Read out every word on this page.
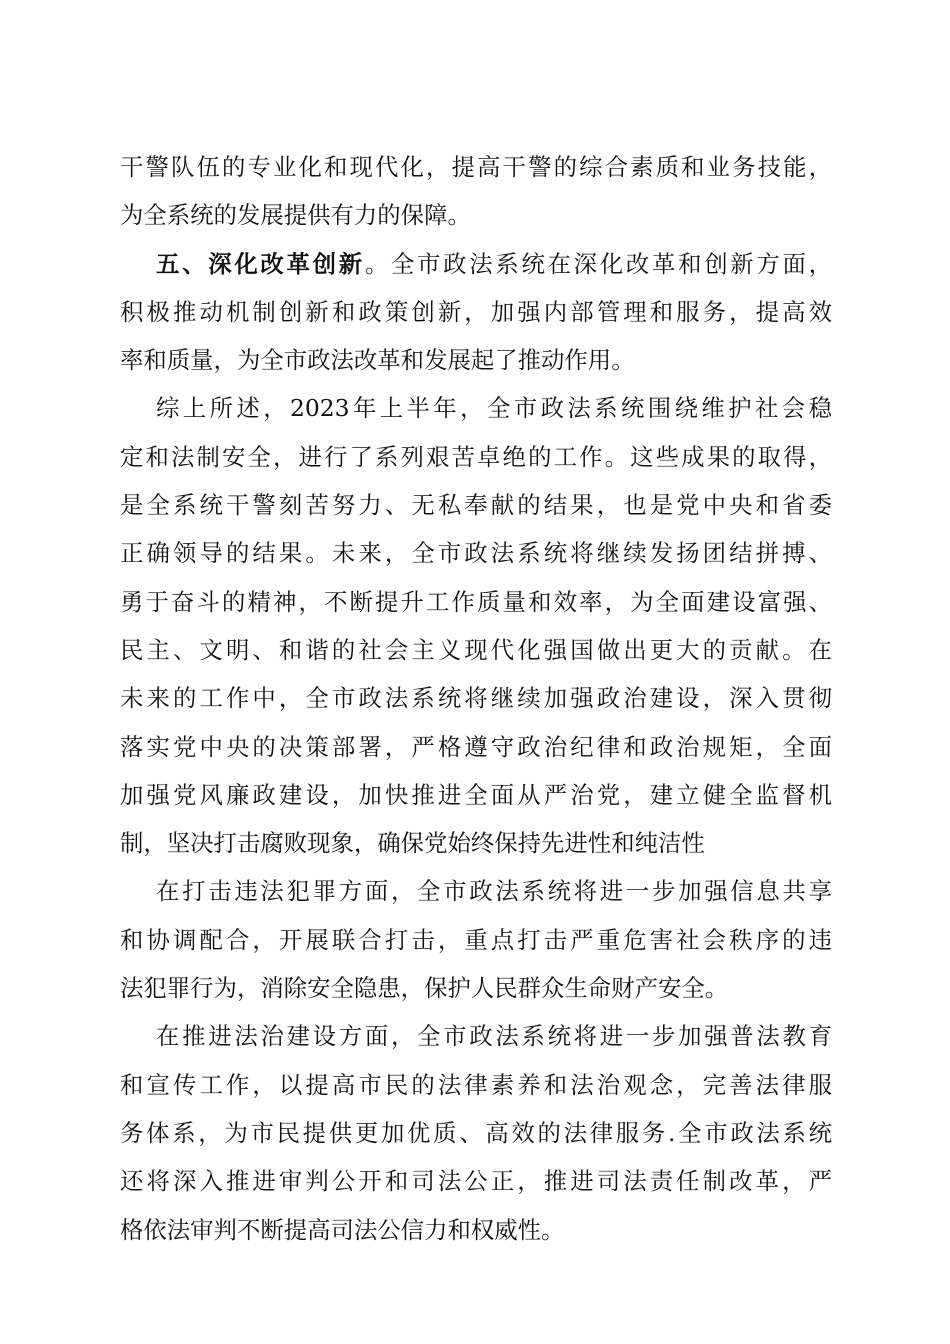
干警队伍的专业化和现代化，提高干警的综合素质和业务技能，
为全系统的发展提供有力的保障。
五、深化改革创新。全市政法系统在深化改革和创新方面，
积极推动机制创新和政策创新，加强内部管理和服务，提高效
率和质量，为全市政法改革和发展起了推动作用。
综上所述，2023年上半年，全市政法系统围绕维护社会稳
定和法制安全，进行了系列艰苦卓绝的工作。这些成果的取得，
是全系统干警刻苦努力、无私奉献的结果，也是党中央和省委
正确领导的结果。未来，全市政法系统将继续发扬团结拼搏、
勇于奋斗的精神，不断提升工作质量和效率，为全面建设富强、
民主、文明、和谐的社会主义现代化强国做出更大的贡献。在
未来的工作中，全市政法系统将继续加强政治建设，深入贯彻
落实党中央的决策部署，严格遵守政治纪律和政治规矩，全面
加强党风廉政建设，加快推进全面从严治党，建立健全监督机
制，坚决打击腐败现象，确保党始终保持先进性和纯洁性
在打击违法犯罪方面，全市政法系统将进一步加强信息共享
和协调配合，开展联合打击，重点打击严重危害社会秩序的违
法犯罪行为，消除安全隐患，保护人民群众生命财产安全。
在推进法治建设方面，全市政法系统将进一步加强普法教育
和宣传工作，以提高市民的法律素养和法治观念，完善法律服
务体系，为市民提供更加优质、高效的法律服务.全市政法系统
还将深入推进审判公开和司法公正，推进司法责任制改革，严
格依法审判不断提高司法公信力和权威性。
